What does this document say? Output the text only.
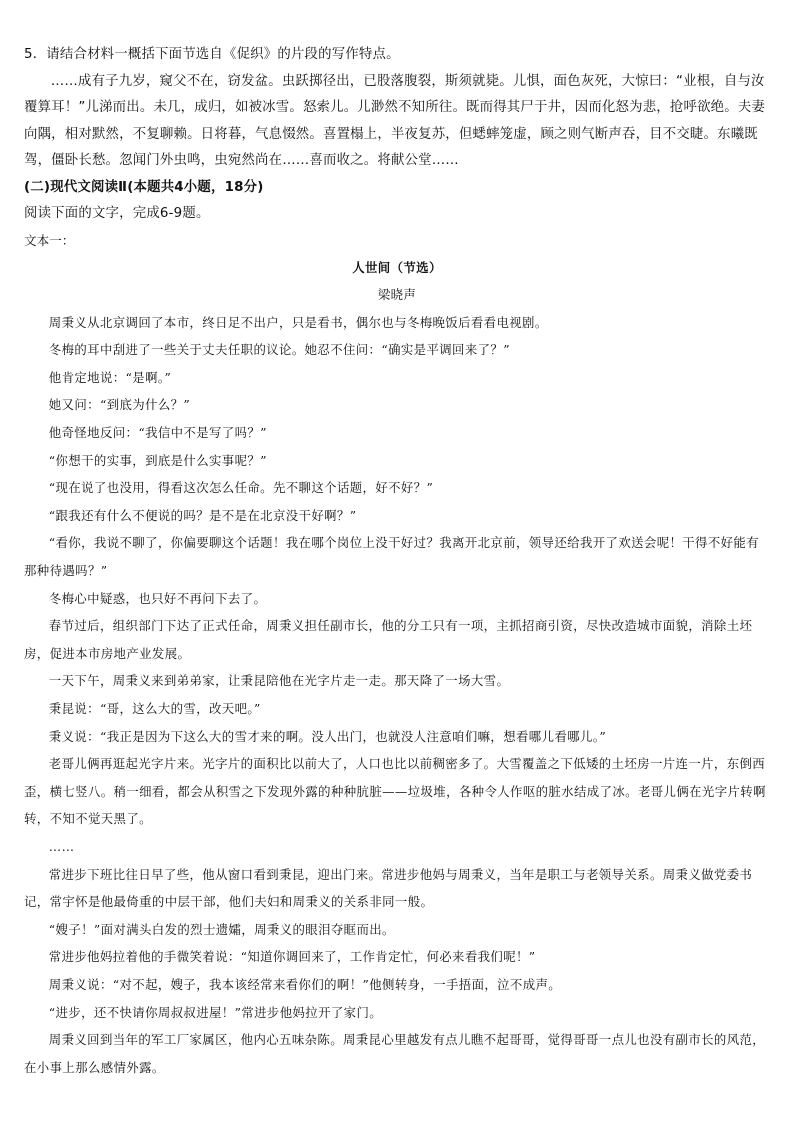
5．请结合材料一概括下面节选自《促织》的片段的写作特点。

……成有子九岁，窥父不在，窃发盆。虫跃掷径出，已股落腹裂，斯须就毙。儿惧，面色灰死，大惊曰：“业根，自与汝覆算耳！”儿涕而出。未几，成归，如被冰雪。怒索儿。儿渺然不知所往。既而得其尸于井，因而化怒为悲，抢呼欲绝。夫妻向隅，相对默然，不复聊赖。日将暮，气息惙然。喜置榻上，半夜复苏，但蟋蟀笼虚，顾之则气断声吞，目不交睫。东曦既驾，僵卧长愁。忽闻门外虫鸣，虫宛然尚在……喜而收之。将献公堂……

(二)现代文阅读Ⅱ(本题共4小题，18分)

阅读下面的文字，完成6-9题。

文本一：

人世间（节选）

梁晓声

周秉义从北京调回了本市，终日足不出户，只是看书，偶尔也与冬梅晚饭后看看电视剧。

冬梅的耳中刮进了一些关于丈夫任职的议论。她忍不住问：“确实是平调回来了？”

他肯定地说：“是啊。”

她又问：“到底为什么？”

他奇怪地反问：“我信中不是写了吗？”

“你想干的实事，到底是什么实事呢？”

“现在说了也没用，得看这次怎么任命。先不聊这个话题，好不好？”

“跟我还有什么不便说的吗？是不是在北京没干好啊？”

“看你，我说不聊了，你偏要聊这个话题！我在哪个岗位上没干好过？我离开北京前，领导还给我开了欢送会呢！干得不好能有那种待遇吗？”

冬梅心中疑惑，也只好不再问下去了。

春节过后，组织部门下达了正式任命，周秉义担任副市长，他的分工只有一项，主抓招商引资，尽快改造城市面貌，消除土坯房，促进本市房地产业发展。

一天下午，周秉义来到弟弟家，让秉昆陪他在光字片走一走。那天降了一场大雪。

秉昆说：“哥，这么大的雪，改天吧。”

秉义说：“我正是因为下这么大的雪才来的啊。没人出门，也就没人注意咱们嘛，想看哪儿看哪儿。”

老哥儿俩再逛起光字片来。光字片的面积比以前大了，人口也比以前稠密多了。大雪覆盖之下低矮的土坯房一片连一片，东倒西歪，横七竖八。稍一细看，都会从积雪之下发现外露的种种肮脏——垃圾堆，各种令人作呕的脏水结成了冰。老哥儿俩在光字片转啊转，不知不觉天黑了。

……

常进步下班比往日早了些，他从窗口看到秉昆，迎出门来。常进步他妈与周秉义，当年是职工与老领导关系。周秉义做党委书记，常宇怀是他最倚重的中层干部，他们夫妇和周秉义的关系非同一般。

“嫂子！”面对满头白发的烈士遗孀，周秉义的眼泪夺眶而出。

常进步他妈拉着他的手微笑着说：“知道你调回来了，工作肯定忙，何必来看我们呢！”

周秉义说：“对不起，嫂子，我本该经常来看你们的啊！”他侧转身，一手捂面，泣不成声。

“进步，还不快请你周叔叔进屋！”常进步他妈拉开了家门。

周秉义回到当年的军工厂家属区，他内心五味杂陈。周秉昆心里越发有点儿瞧不起哥哥，觉得哥哥一点儿也没有副市长的风范，在小事上那么感情外露。
